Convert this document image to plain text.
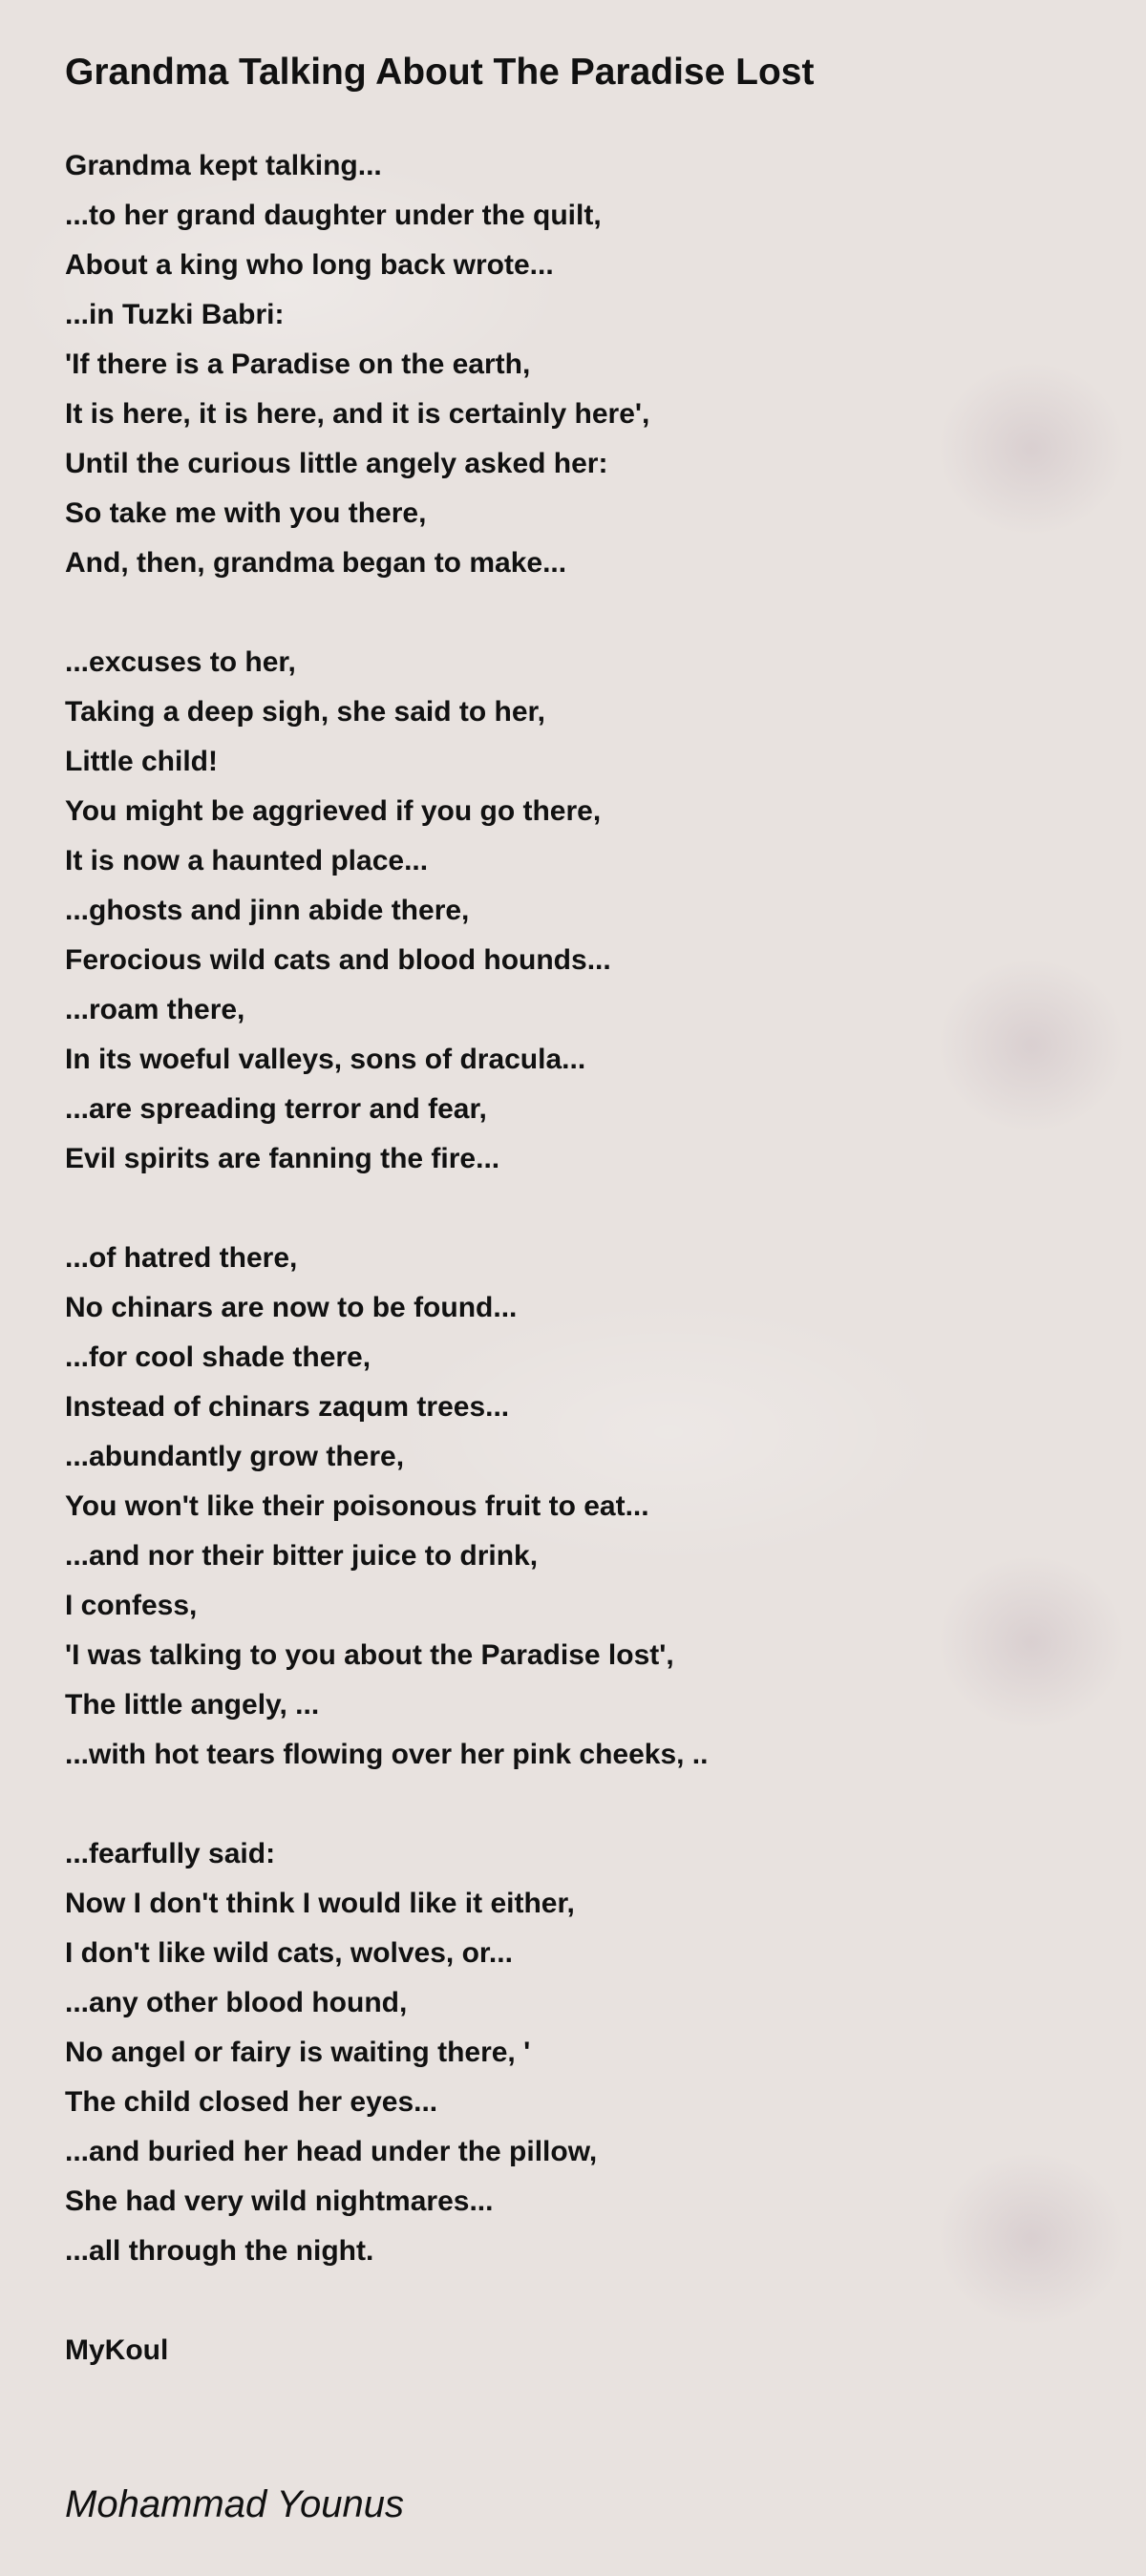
Grandma Talking About The Paradise Lost
Grandma kept talking...
...to her grand daughter under the quilt,
About a king who long back wrote...
...in Tuzki Babri:
'If there is a Paradise on the earth,
It is here, it is here, and it is certainly here',
Until the curious little angely asked her:
So take me with you there,
And, then, grandma began to make...
...excuses to her,
Taking a deep sigh, she said to her,
Little child!
You might be aggrieved if you go there,
It is now a haunted place...
...ghosts and jinn abide there,
Ferocious wild cats and blood hounds...
...roam there,
In its woeful valleys, sons of dracula...
...are spreading terror and fear,
Evil spirits are fanning the fire...
...of hatred there,
No chinars are now to be found...
...for cool shade there,
Instead of chinars zaqum trees...
...abundantly grow there,
You won't like their poisonous fruit to eat...
...and nor their bitter juice to drink,
I confess,
'I was talking to you about the Paradise lost',
The little angely, ...
...with hot tears flowing over her pink cheeks, ..
...fearfully said:
Now I don't think I would like it either,
I don't like wild cats, wolves, or...
...any other blood hound,
No angel or fairy is waiting there, '
The child closed her eyes...
...and buried her head under the pillow,
She had very wild nightmares...
...all through the night.
MyKoul

Mohammad Younus
